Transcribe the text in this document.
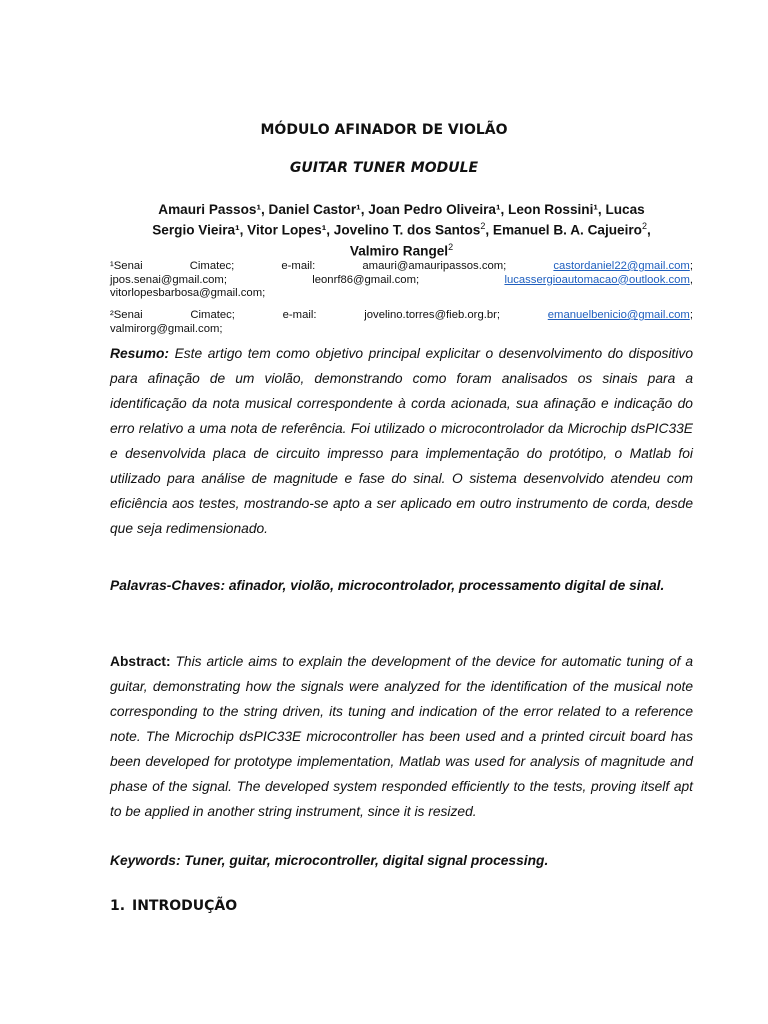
MÓDULO AFINADOR DE VIOLÃO
GUITAR TUNER MODULE
Amauri Passos¹, Daniel Castor¹, Joan Pedro Oliveira¹, Leon Rossini¹, Lucas
Sergio Vieira¹, Vitor Lopes¹, Jovelino T. dos Santos$^2$, Emanuel B. A. Cajueiro$^2$,
Valmiro Rangel$^2$
¹Senai	Cimatec;	e-mail:	amauri@amauripassos.com;	castordaniel22@gmail.com;
jpos.senai@gmail.com;	leonrf86@gmail.com;	lucassergioautomacao@outlook.com,
vitorlopesbarbosa@gmail.com;
²Senai	Cimatec;	e-mail:	jovelino.torres@fieb.org.br;	emanuelbenicio@gmail.com;
valmirorg@gmail.com;
Resumo: Este artigo tem como objetivo principal explicitar o desenvolvimento do dispositivo para afinação de um violão, demonstrando como foram analisados os sinais para a identificação da nota musical correspondente à corda acionada, sua afinação e indicação do erro relativo a uma nota de referência. Foi utilizado o microcontrolador da Microchip dsPIC33E e desenvolvida placa de circuito impresso para implementação do protótipo, o Matlab foi utilizado para análise de magnitude e fase do sinal. O sistema desenvolvido atendeu com eficiência aos testes, mostrando-se apto a ser aplicado em outro instrumento de corda, desde que seja redimensionado.
Palavras-Chaves: afinador, violão, microcontrolador, processamento digital de sinal.
Abstract: This article aims to explain the development of the device for automatic tuning of a guitar, demonstrating how the signals were analyzed for the identification of the musical note corresponding to the string driven, its tuning and indication of the error related to a reference note. The Microchip dsPIC33E microcontroller has been used and a printed circuit board has been developed for prototype implementation, Matlab was used for analysis of magnitude and phase of the signal. The developed system responded efficiently to the tests, proving itself apt to be applied in another string instrument, since it is resized.
Keywords: Tuner, guitar, microcontroller, digital signal processing.
1. INTRODUÇÃO
